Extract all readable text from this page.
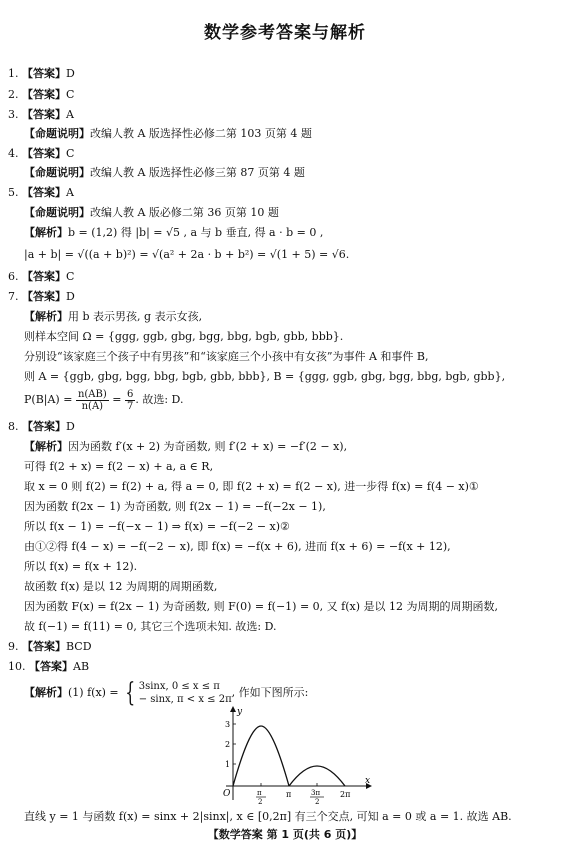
数学参考答案与解析
1. 【答案】D
2. 【答案】C
3. 【答案】A
【命题说明】改编人教 A 版选择性必修二第 103 页第 4 题
4. 【答案】C
【命题说明】改编人教 A 版选择性必修三第 87 页第 4 题
5. 【答案】A
【命题说明】改编人教 A 版必修二第 36 页第 10 题
【解析】b = (1,2) 得 |b| = √5 , a 与 b 垂直, 得 a · b = 0 ,
|a + b| = √((a + b)²) = √(a² + 2a · b + b²) = √(1 + 5) = √6.
6. 【答案】C
7. 【答案】D
【解析】用 b 表示男孩, g 表示女孩,
则样本空间 Ω = {ggg, ggb, gbg, bgg, bbg, bgb, gbb, bbb}.
分别设“该家庭三个孩子中有男孩”和“该家庭三个小孩中有女孩”为事件 A 和事件 B,
则 A = {ggb, gbg, bgg, bbg, bgb, gbb, bbb}, B = {ggg, ggb, gbg, bgg, bbg, bgb, gbb},
$P(B|A) = \frac{n(AB)}{n(A)} = \frac{6}{7}$ . 故选: D.
8. 【答案】D
【解析】因为函数 f′(x + 2) 为奇函数, 则 f′(2 + x) = −f′(2 − x),
可得 f(2 + x) = f(2 − x) + a, a ∈ R,
取 x = 0 则 f(2) = f(2) + a, 得 a = 0, 即 f(2 + x) = f(2 − x), 进一步得 f(x) = f(4 − x)①
因为函数 f(2x − 1) 为奇函数, 则 f(2x − 1) = −f(−2x − 1),
所以 f(x − 1) = −f(−x − 1) ⇒ f(x) = −f(−2 − x)②
由①②得 f(4 − x) = −f(−2 − x), 即 f(x) = −f(x + 6), 进而 f(x + 6) = −f(x + 12),
所以 f(x) = f(x + 12).
故函数 f(x) 是以 12 为周期的周期函数,
因为函数 F(x) = f(2x − 1) 为奇函数, 则 F(0) = f(−1) = 0, 又 f(x) 是以 12 为周期的周期函数,
故 f(−1) = f(11) = 0, 其它三个选项未知. 故选: D.
9. 【答案】BCD
10. 【答案】AB
【解析】(1) f(x) = { 3sinx, 0 ≤ x ≤ π
− sinx, π < x ≤ 2π
, 作如下图所示:
y
x
O
1
2
3
π
2
π	3π
2
2π
直线 y = 1 与函数 f(x) = sinx + 2|sinx|, x ∈ [0,2π] 有三个交点, 可知 a = 0 或 a = 1. 故选 AB.
【数学答案 第 1 页(共 6 页)】
